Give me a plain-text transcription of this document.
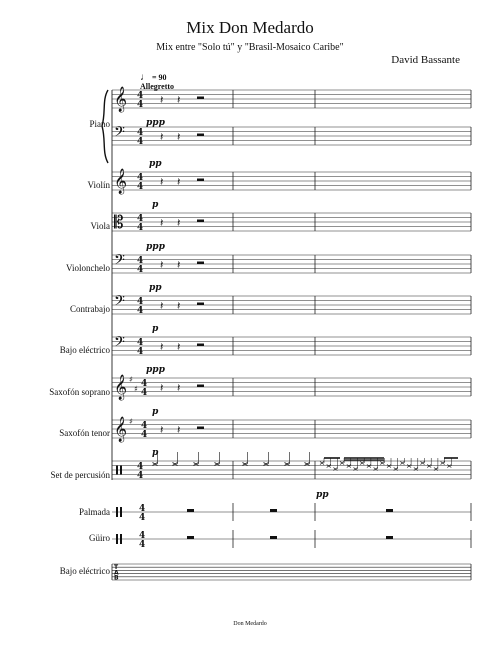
Mix Don Medardo
Mix entre "Solo tú" y "Brasil-Mosaico Caribe"
David Bassante
♩ = 90
Allegretto
Piano
Violín
Viola
Violonchelo
Contrabajo
Bajo eléctrico
Saxofón soprano
Saxofón tenor
Set de percusión
Palmada
Güiro
Bajo eléctrico
ppp
pp
p
ppp
pp
p
ppp
p
p
pp
Don Medardo
𝄞 4
4 𝄽 𝄽
𝄢 4
4
𝄞 4
4 𝄽 𝄽
𝄡 4
4 𝄽 𝄽
𝄢 4
4 𝄽 𝄽
𝄢 4
4 𝄽 𝄽
𝄢 4
4 𝄽 𝄽
𝄞 ♯
♯ 4
4 𝄽 𝄽
𝄞 ♯ 4
4 𝄽 𝄽
4
4
𝄽 𝄽
4
4
4
4
T
A
B
